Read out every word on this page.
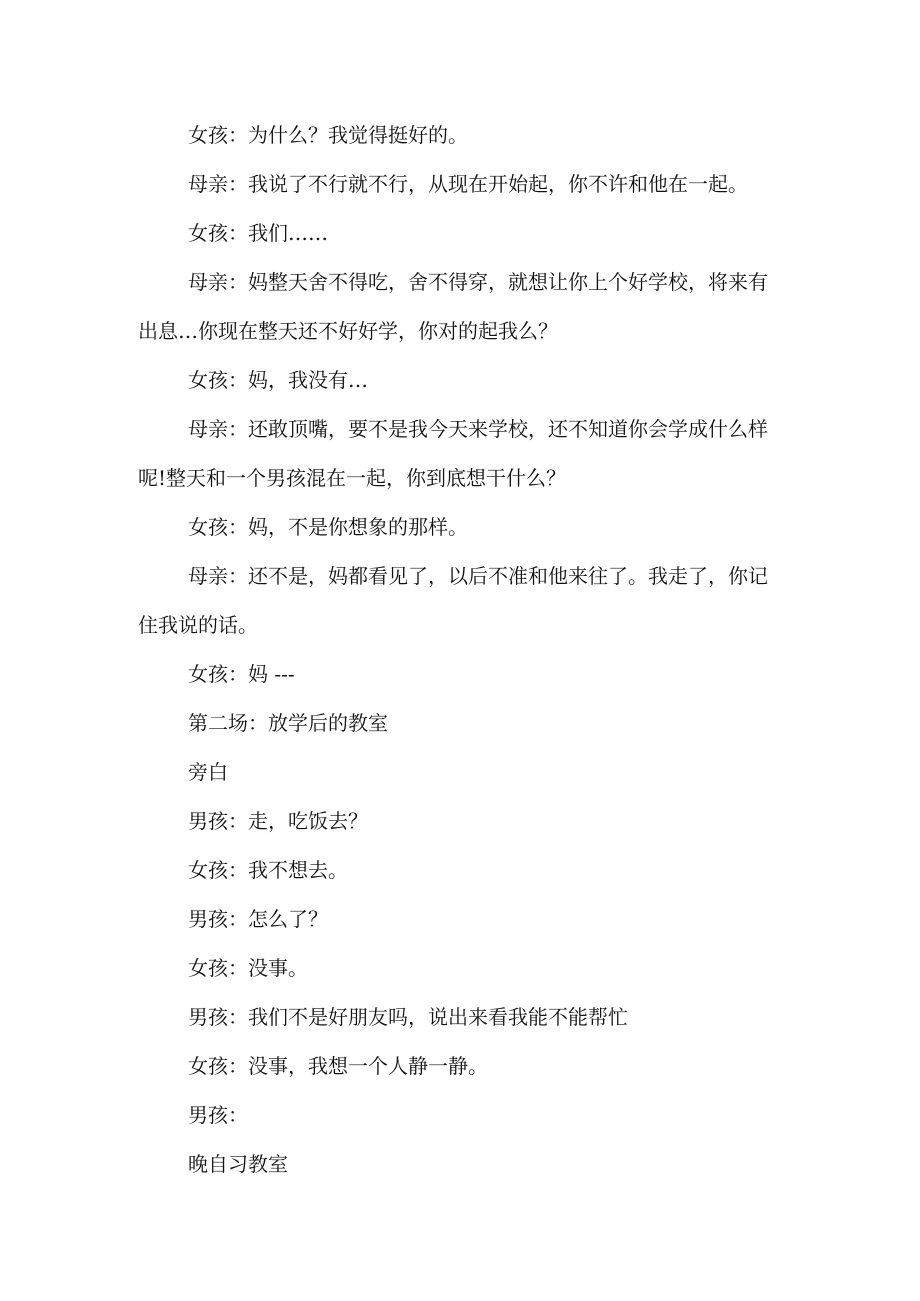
女孩：为什么？我觉得挺好的。

母亲：我说了不行就不行，从现在开始起，你不许和他在一起。

女孩：我们……

母亲：妈整天舍不得吃，舍不得穿，就想让你上个好学校，将来有出息…你现在整天还不好好学，你对的起我么？

女孩：妈，我没有…

母亲：还敢顶嘴，要不是我今天来学校，还不知道你会学成什么样呢!整天和一个男孩混在一起，你到底想干什么？

女孩：妈，不是你想象的那样。

母亲：还不是，妈都看见了，以后不准和他来往了。我走了，你记住我说的话。

女孩：妈 ---

第二场：放学后的教室

旁白

男孩：走，吃饭去？

女孩：我不想去。

男孩：怎么了？

女孩：没事。

男孩：我们不是好朋友吗，说出来看我能不能帮忙

女孩：没事，我想一个人静一静。

男孩：

晚自习教室
